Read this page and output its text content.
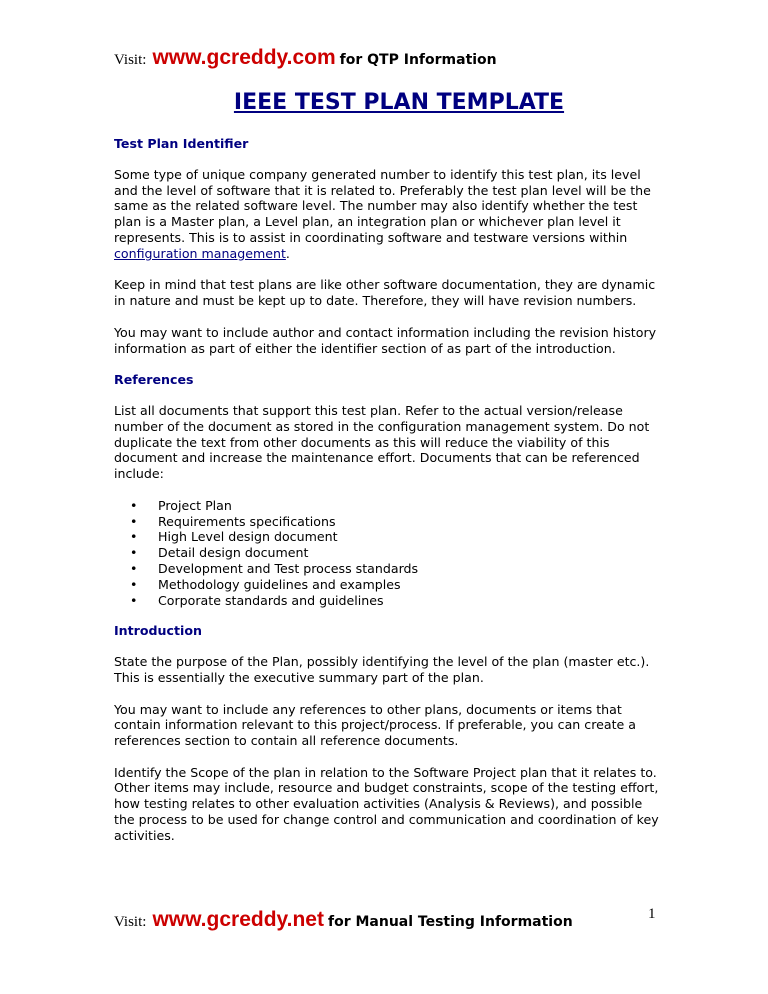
Visit: www.gcreddy.com for QTP Information
IEEE TEST PLAN TEMPLATE
Test Plan Identifier

Some type of unique company generated number to identify this test plan, its level and the level of software that it is related to. Preferably the test plan level will be the same as the related software level. The number may also identify whether the test plan is a Master plan, a Level plan, an integration plan or whichever plan level it represents. This is to assist in coordinating software and testware versions within configuration management.

Keep in mind that test plans are like other software documentation, they are dynamic in nature and must be kept up to date. Therefore, they will have revision numbers.

You may want to include author and contact information including the revision history information as part of either the identifier section of as part of the introduction.

References

List all documents that support this test plan. Refer to the actual version/release number of the document as stored in the configuration management system. Do not duplicate the text from other documents as this will reduce the viability of this document and increase the maintenance effort. Documents that can be referenced include:

• Project Plan
• Requirements specifications
• High Level design document
• Detail design document
• Development and Test process standards
• Methodology guidelines and examples
• Corporate standards and guidelines
Introduction

State the purpose of the Plan, possibly identifying the level of the plan (master etc.). This is essentially the executive summary part of the plan.

You may want to include any references to other plans, documents or items that contain information relevant to this project/process. If preferable, you can create a references section to contain all reference documents.

Identify the Scope of the plan in relation to the Software Project plan that it relates to. Other items may include, resource and budget constraints, scope of the testing effort, how testing relates to other evaluation activities (Analysis & Reviews), and possible the process to be used for change control and communication and coordination of key activities.

Visit: www.gcreddy.net for Manual Testing Information	1
